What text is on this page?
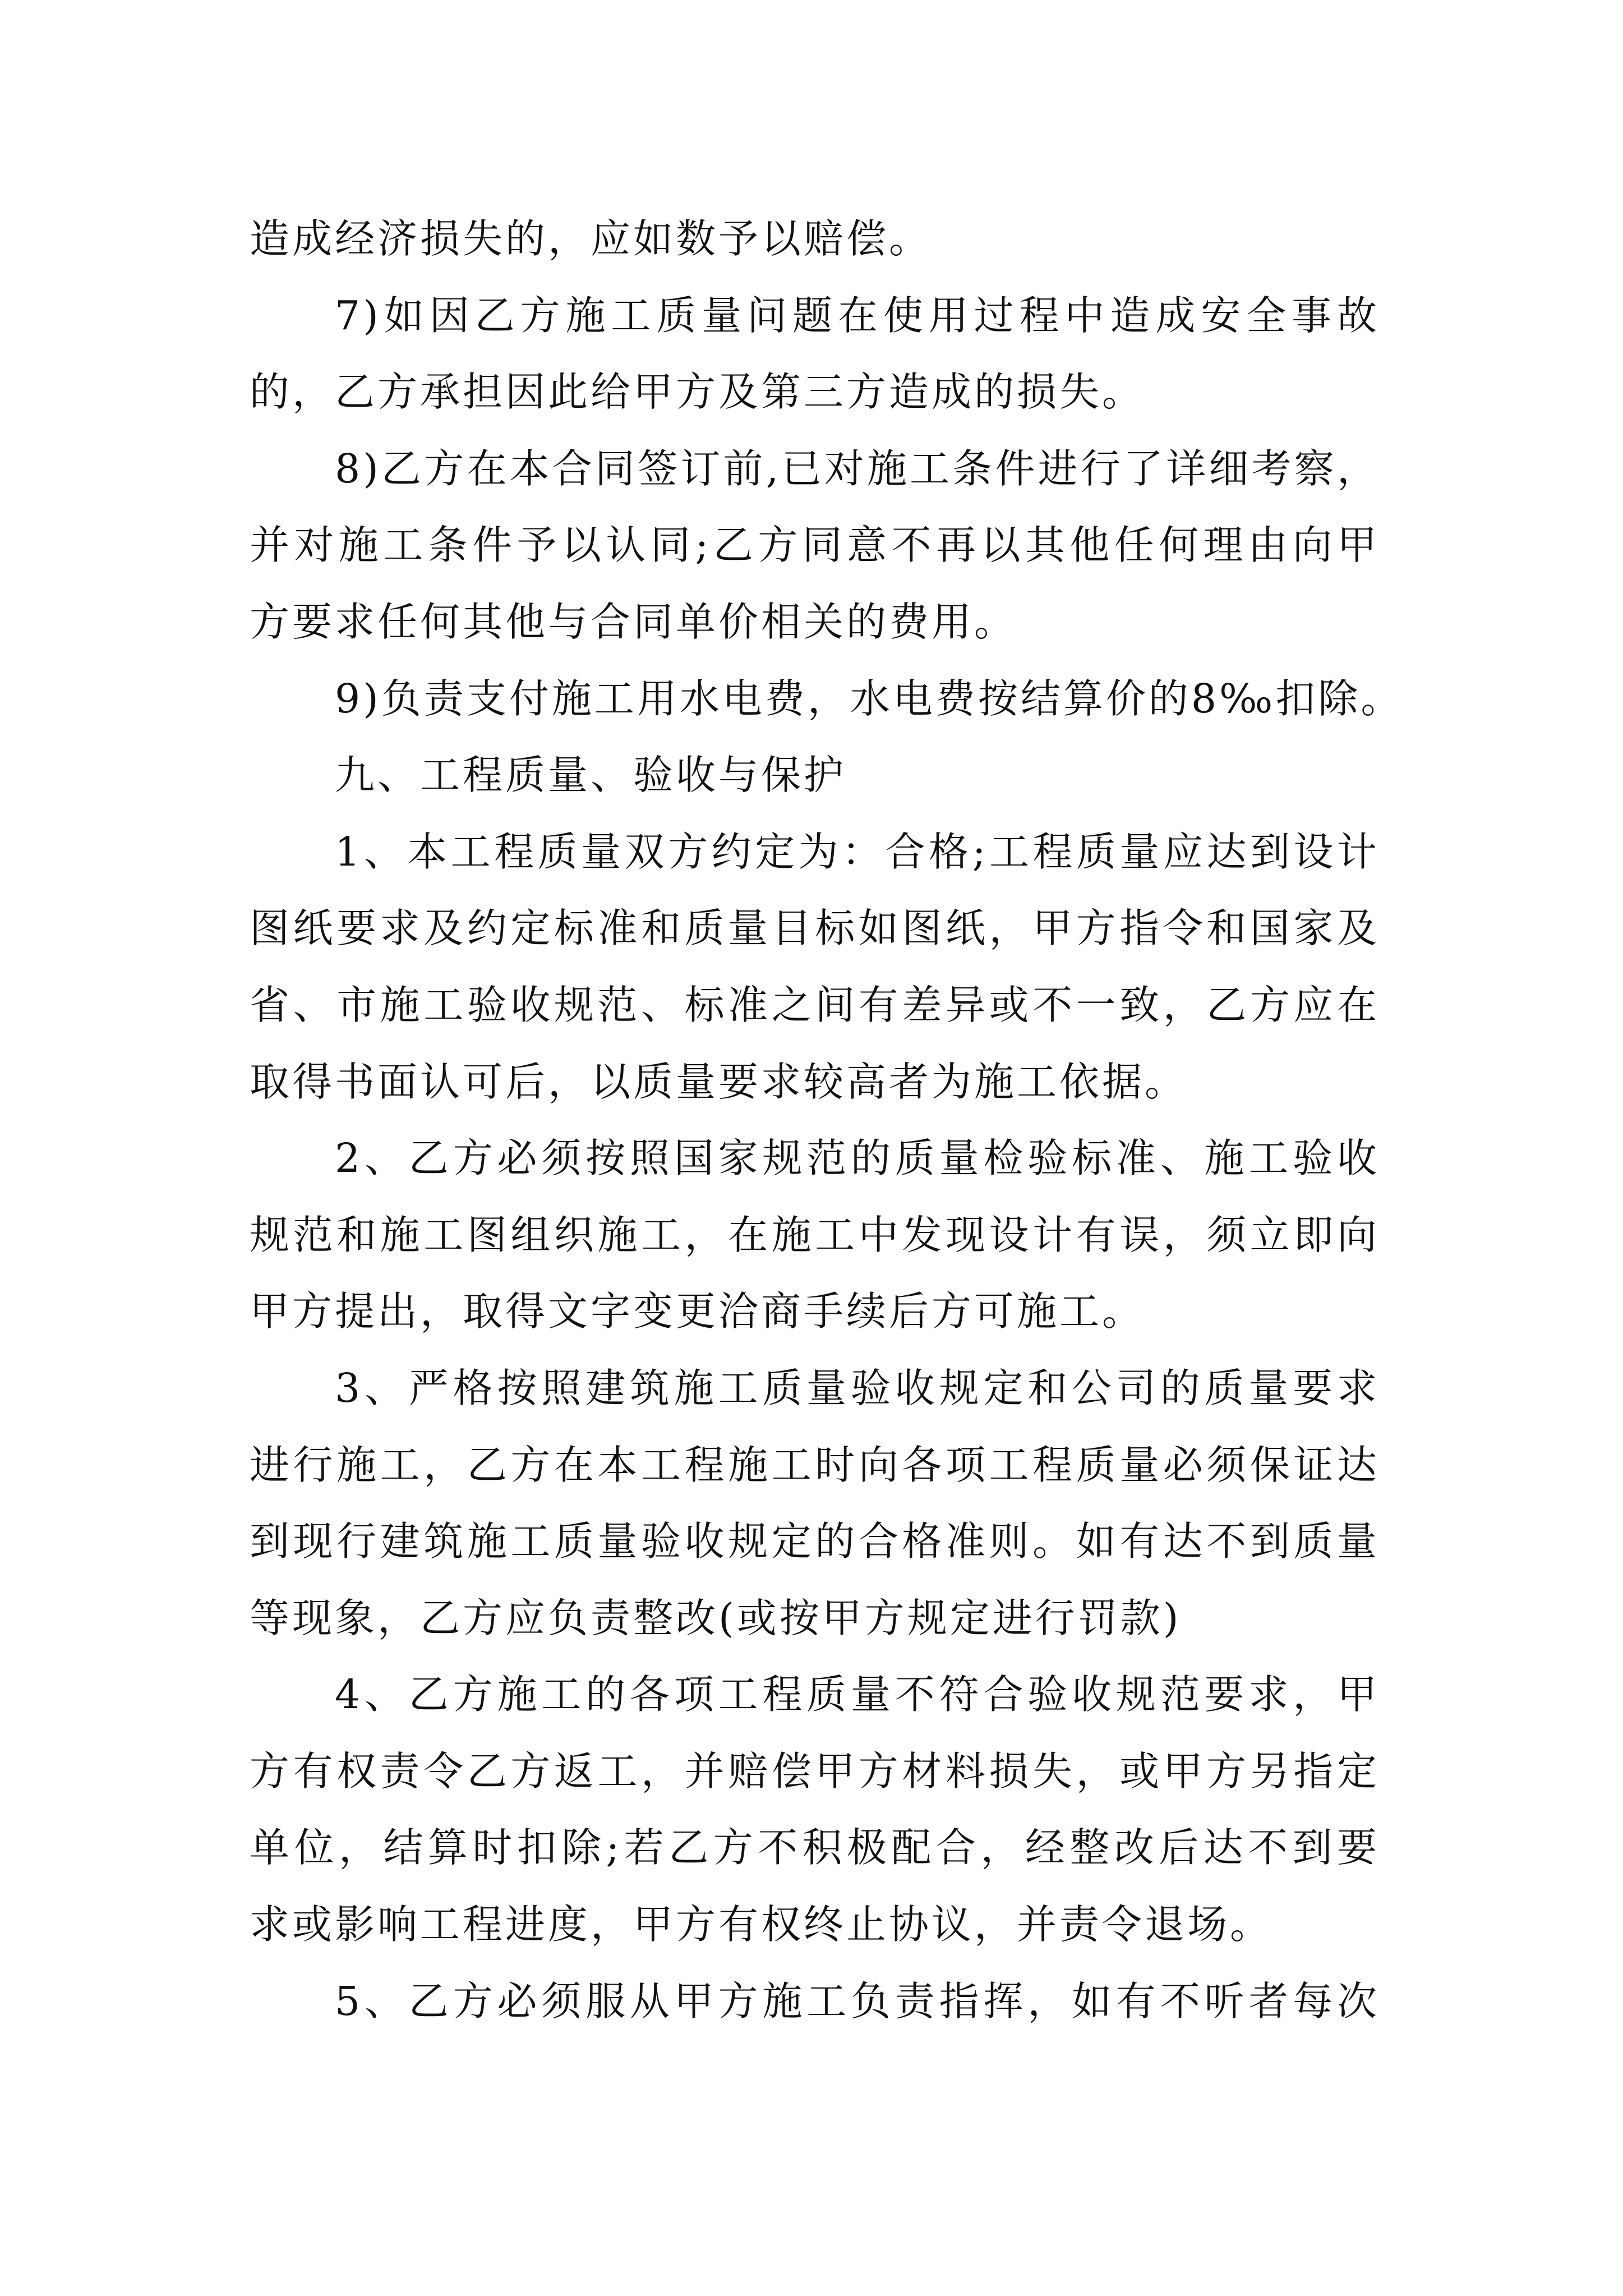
造成经济损失的，应如数予以赔偿。
7)如因乙方施工质量问题在使用过程中造成安全事故
的，乙方承担因此给甲方及第三方造成的损失。
8)乙方在本合同签订前,已对施工条件进行了详细考察，
并对施工条件予以认同;乙方同意不再以其他任何理由向甲
方要求任何其他与合同单价相关的费用。
9)负责支付施工用水电费，水电费按结算价的8‰扣除。
九、工程质量、验收与保护
1、本工程质量双方约定为：合格;工程质量应达到设计
图纸要求及约定标准和质量目标如图纸，甲方指令和国家及
省、市施工验收规范、标准之间有差异或不一致，乙方应在
取得书面认可后，以质量要求较高者为施工依据。
2、乙方必须按照国家规范的质量检验标准、施工验收
规范和施工图组织施工，在施工中发现设计有误，须立即向
甲方提出，取得文字变更洽商手续后方可施工。
3、严格按照建筑施工质量验收规定和公司的质量要求
进行施工，乙方在本工程施工时向各项工程质量必须保证达
到现行建筑施工质量验收规定的合格准则。如有达不到质量
等现象，乙方应负责整改(或按甲方规定进行罚款)
4、乙方施工的各项工程质量不符合验收规范要求，甲
方有权责令乙方返工，并赔偿甲方材料损失，或甲方另指定
单位，结算时扣除;若乙方不积极配合，经整改后达不到要
求或影响工程进度，甲方有权终止协议，并责令退场。
5、乙方必须服从甲方施工负责指挥，如有不听者每次
